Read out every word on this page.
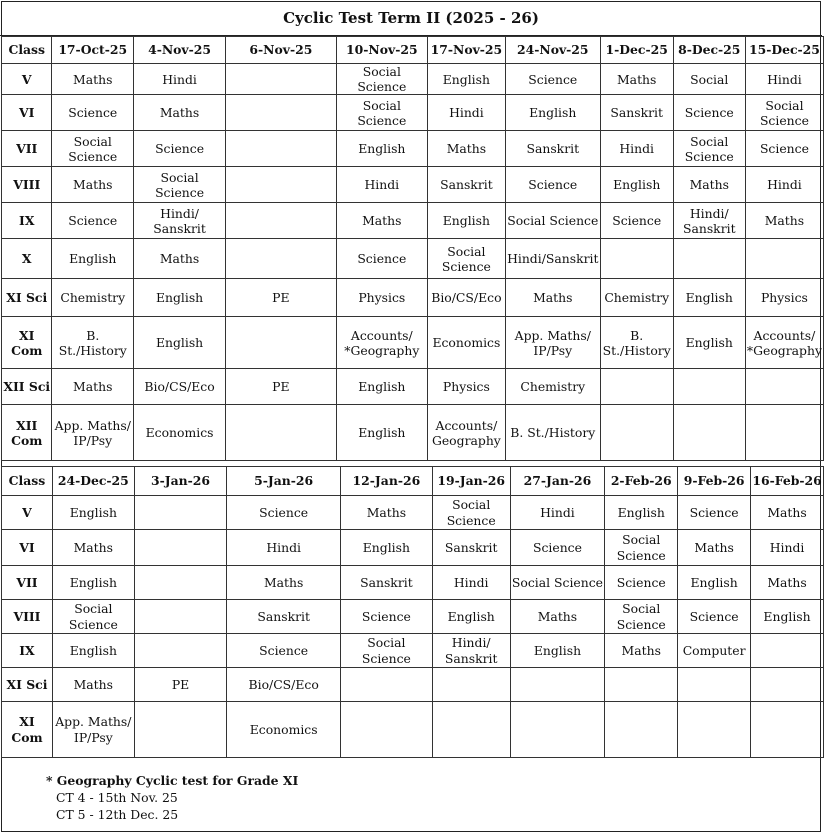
Cyclic Test Term II (2025 - 26)
Class	17-Oct-25	4-Nov-25	6-Nov-25	10-Nov-25	17-Nov-25	24-Nov-25	1-Dec-25	8-Dec-25	15-Dec-25
V	Maths	Hindi		Social Science	English	Science	Maths	Social	Hindi
VI	Science	Maths		Social Science	Hindi	English	Sanskrit	Science	Social Science
VII	Social Science	Science		English	Maths	Sanskrit	Hindi	Social Science	Science
VIII	Maths	Social Science		Hindi	Sanskrit	Science	English	Maths	Hindi
IX	Science	Hindi/ Sanskrit		Maths	English	Social Science	Science	Hindi/ Sanskrit	Maths
X	English	Maths		Science	Social Science	Hindi/Sanskrit			
XI Sci	Chemistry	English	PE	Physics	Bio/CS/Eco	Maths	Chemistry	English	Physics
XI Com	B. St./History	English		Accounts/ *Geography	Economics	App. Maths/ IP/Psy	B. St./History	English	Accounts/ *Geography
XII Sci	Maths	Bio/CS/Eco	PE	English	Physics	Chemistry			
XII Com	App. Maths/ IP/Psy	Economics		English	Accounts/ Geography	B. St./History			
Class	24-Dec-25	3-Jan-26	5-Jan-26	12-Jan-26	19-Jan-26	27-Jan-26	2-Feb-26	9-Feb-26	16-Feb-26
V	English		Science	Maths	Social Science	Hindi	English	Science	Maths
VI	Maths		Hindi	English	Sanskrit	Science	Social Science	Maths	Hindi
VII	English		Maths	Sanskrit	Hindi	Social Science	Science	English	Maths
VIII	Social Science		Sanskrit	Science	English	Maths	Social Science	Science	English
IX	English		Science	Social Science	Hindi/ Sanskrit	English	Maths	Computer	
XI Sci	Maths	PE	Bio/CS/Eco						
XI Com	App. Maths/ IP/Psy		Economics						
* Geography Cyclic test for Grade XI
CT 4 - 15th Nov. 25
CT 5 - 12th Dec. 25
